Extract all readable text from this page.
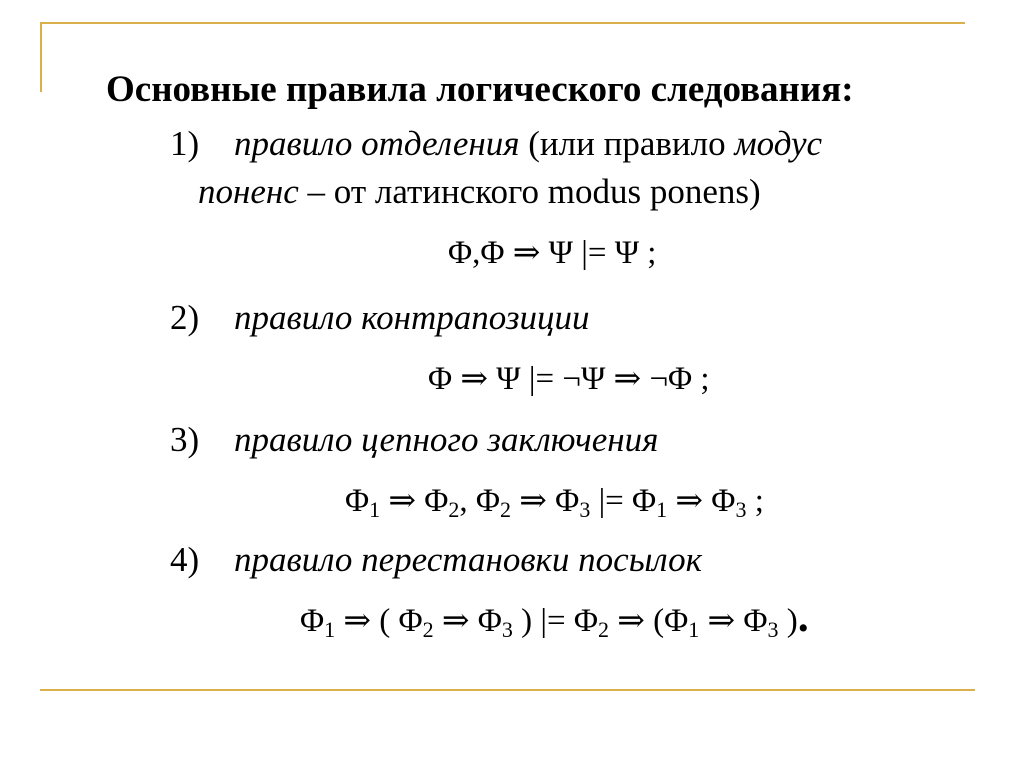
Основные правила логического следования:
1) правило отделения (или правило модус
поненс – от латинского modus ponens)
Φ,Φ ⇒ Ψ |= Ψ ;
2) правило контрапозиции
Φ ⇒ Ψ |= ¬Ψ ⇒ ¬Φ ;
3) правило цепного заключения
$\Phi_1$ ⇒ $\Phi_2$, $\Phi_2$ ⇒ $\Phi_3$ |= $\Phi_1$ ⇒ $\Phi_3$ ;
4) правило перестановки посылок
$\Phi_1$ ⇒ ( $\Phi_2$ ⇒ $\Phi_3$ ) |= $\Phi_2$ ⇒ ($\Phi_1$ ⇒ $\Phi_3$ ).
